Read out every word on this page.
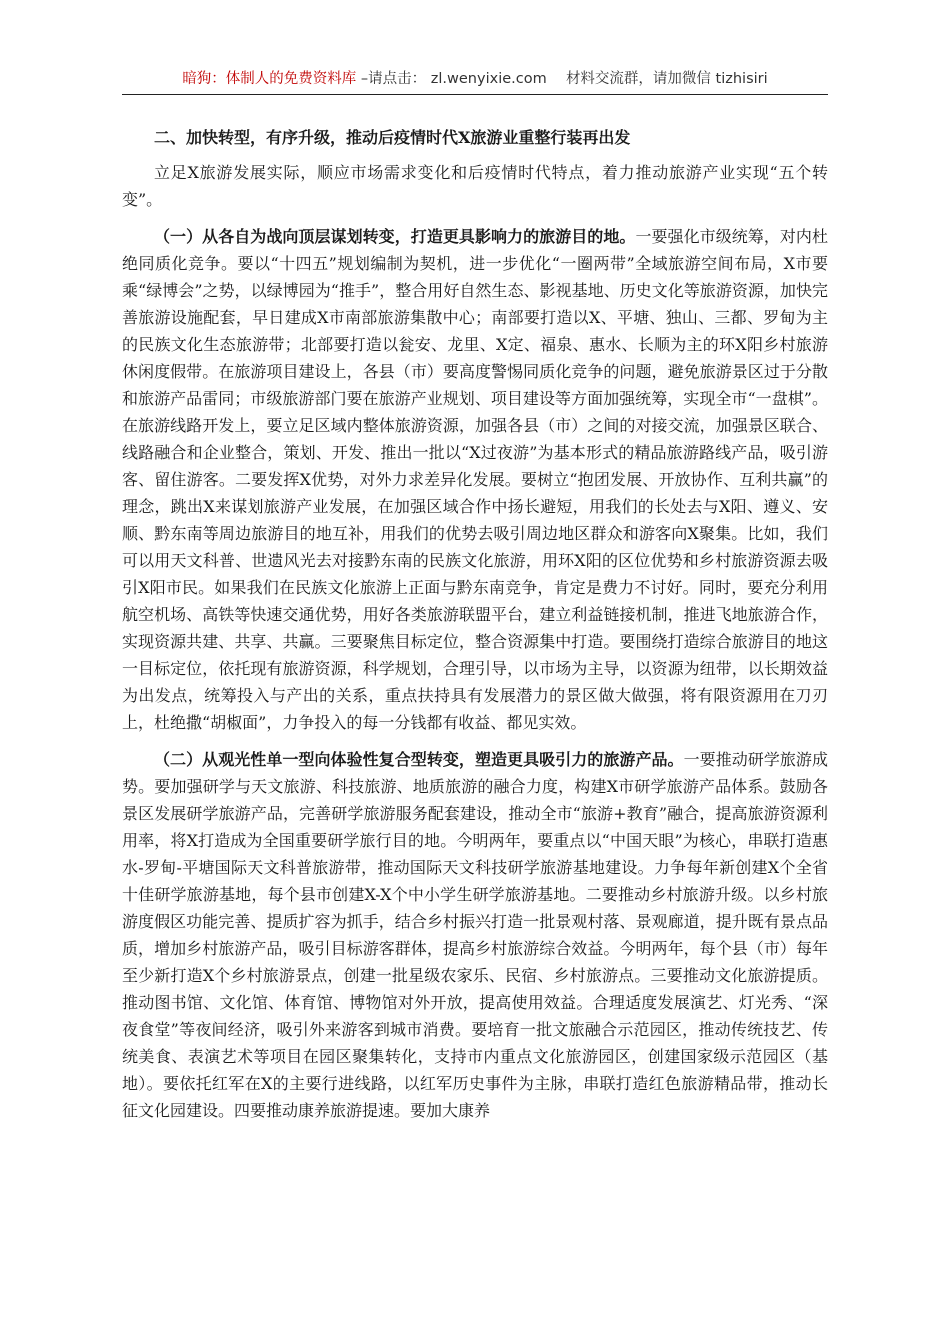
暗狗：体制人的免费资料库 –请点击： zl.wenyixie.com 材料交流群，请加微信 tizhisiri
二、加快转型，有序升级，推动后疫情时代X旅游业重整行装再出发

立足X旅游发展实际，顺应市场需求变化和后疫情时代特点，着力推动旅游产业实现“五个转变”。

（一）从各自为战向顶层谋划转变，打造更具影响力的旅游目的地。一要强化市级统筹，对内杜绝同质化竞争。要以“十四五”规划编制为契机，进一步优化“一圈两带”全域旅游空间布局，X市要乘“绿博会”之势，以绿博园为“推手”，整合用好自然生态、影视基地、历史文化等旅游资源，加快完善旅游设施配套，早日建成X市南部旅游集散中心；南部要打造以X、平塘、独山、三都、罗甸为主的民族文化生态旅游带；北部要打造以瓮安、龙里、X定、福泉、惠水、长顺为主的环X阳乡村旅游休闲度假带。在旅游项目建设上，各县（市）要高度警惕同质化竞争的问题，避免旅游景区过于分散和旅游产品雷同；市级旅游部门要在旅游产业规划、项目建设等方面加强统筹，实现全市“一盘棋”。在旅游线路开发上，要立足区域内整体旅游资源，加强各县（市）之间的对接交流，加强景区联合、线路融合和企业整合，策划、开发、推出一批以“X过夜游”为基本形式的精品旅游路线产品，吸引游客、留住游客。二要发挥X优势，对外力求差异化发展。要树立“抱团发展、开放协作、互利共赢”的理念，跳出X来谋划旅游产业发展，在加强区域合作中扬长避短，用我们的长处去与X阳、遵义、安顺、黔东南等周边旅游目的地互补，用我们的优势去吸引周边地区群众和游客向X聚集。比如，我们可以用天文科普、世遗风光去对接黔东南的民族文化旅游，用环X阳的区位优势和乡村旅游资源去吸引X阳市民。如果我们在民族文化旅游上正面与黔东南竞争，肯定是费力不讨好。同时，要充分利用航空机场、高铁等快速交通优势，用好各类旅游联盟平台，建立利益链接机制，推进飞地旅游合作，实现资源共建、共享、共赢。三要聚焦目标定位，整合资源集中打造。要围绕打造综合旅游目的地这一目标定位，依托现有旅游资源，科学规划，合理引导，以市场为主导，以资源为纽带，以长期效益为出发点，统筹投入与产出的关系，重点扶持具有发展潜力的景区做大做强，将有限资源用在刀刃上，杜绝撒“胡椒面”，力争投入的每一分钱都有收益、都见实效。

（二）从观光性单一型向体验性复合型转变，塑造更具吸引力的旅游产品。一要推动研学旅游成势。要加强研学与天文旅游、科技旅游、地质旅游的融合力度，构建X市研学旅游产品体系。鼓励各景区发展研学旅游产品，完善研学旅游服务配套建设，推动全市“旅游+教育”融合，提高旅游资源利用率，将X打造成为全国重要研学旅行目的地。今明两年，要重点以“中国天眼”为核心，串联打造惠水-罗甸-平塘国际天文科普旅游带，推动国际天文科技研学旅游基地建设。力争每年新创建X个全省十佳研学旅游基地，每个县市创建X-X个中小学生研学旅游基地。二要推动乡村旅游升级。以乡村旅游度假区功能完善、提质扩容为抓手，结合乡村振兴打造一批景观村落、景观廊道，提升既有景点品质，增加乡村旅游产品，吸引目标游客群体，提高乡村旅游综合效益。今明两年，每个县（市）每年至少新打造X个乡村旅游景点，创建一批星级农家乐、民宿、乡村旅游点。三要推动文化旅游提质。推动图书馆、文化馆、体育馆、博物馆对外开放，提高使用效益。合理适度发展演艺、灯光秀、“深夜食堂”等夜间经济，吸引外来游客到城市消费。要培育一批文旅融合示范园区，推动传统技艺、传统美食、表演艺术等项目在园区聚集转化，支持市内重点文化旅游园区，创建国家级示范园区（基地）。要依托红军在X的主要行进线路，以红军历史事件为主脉，串联打造红色旅游精品带，推动长征文化园建设。四要推动康养旅游提速。要加大康养
